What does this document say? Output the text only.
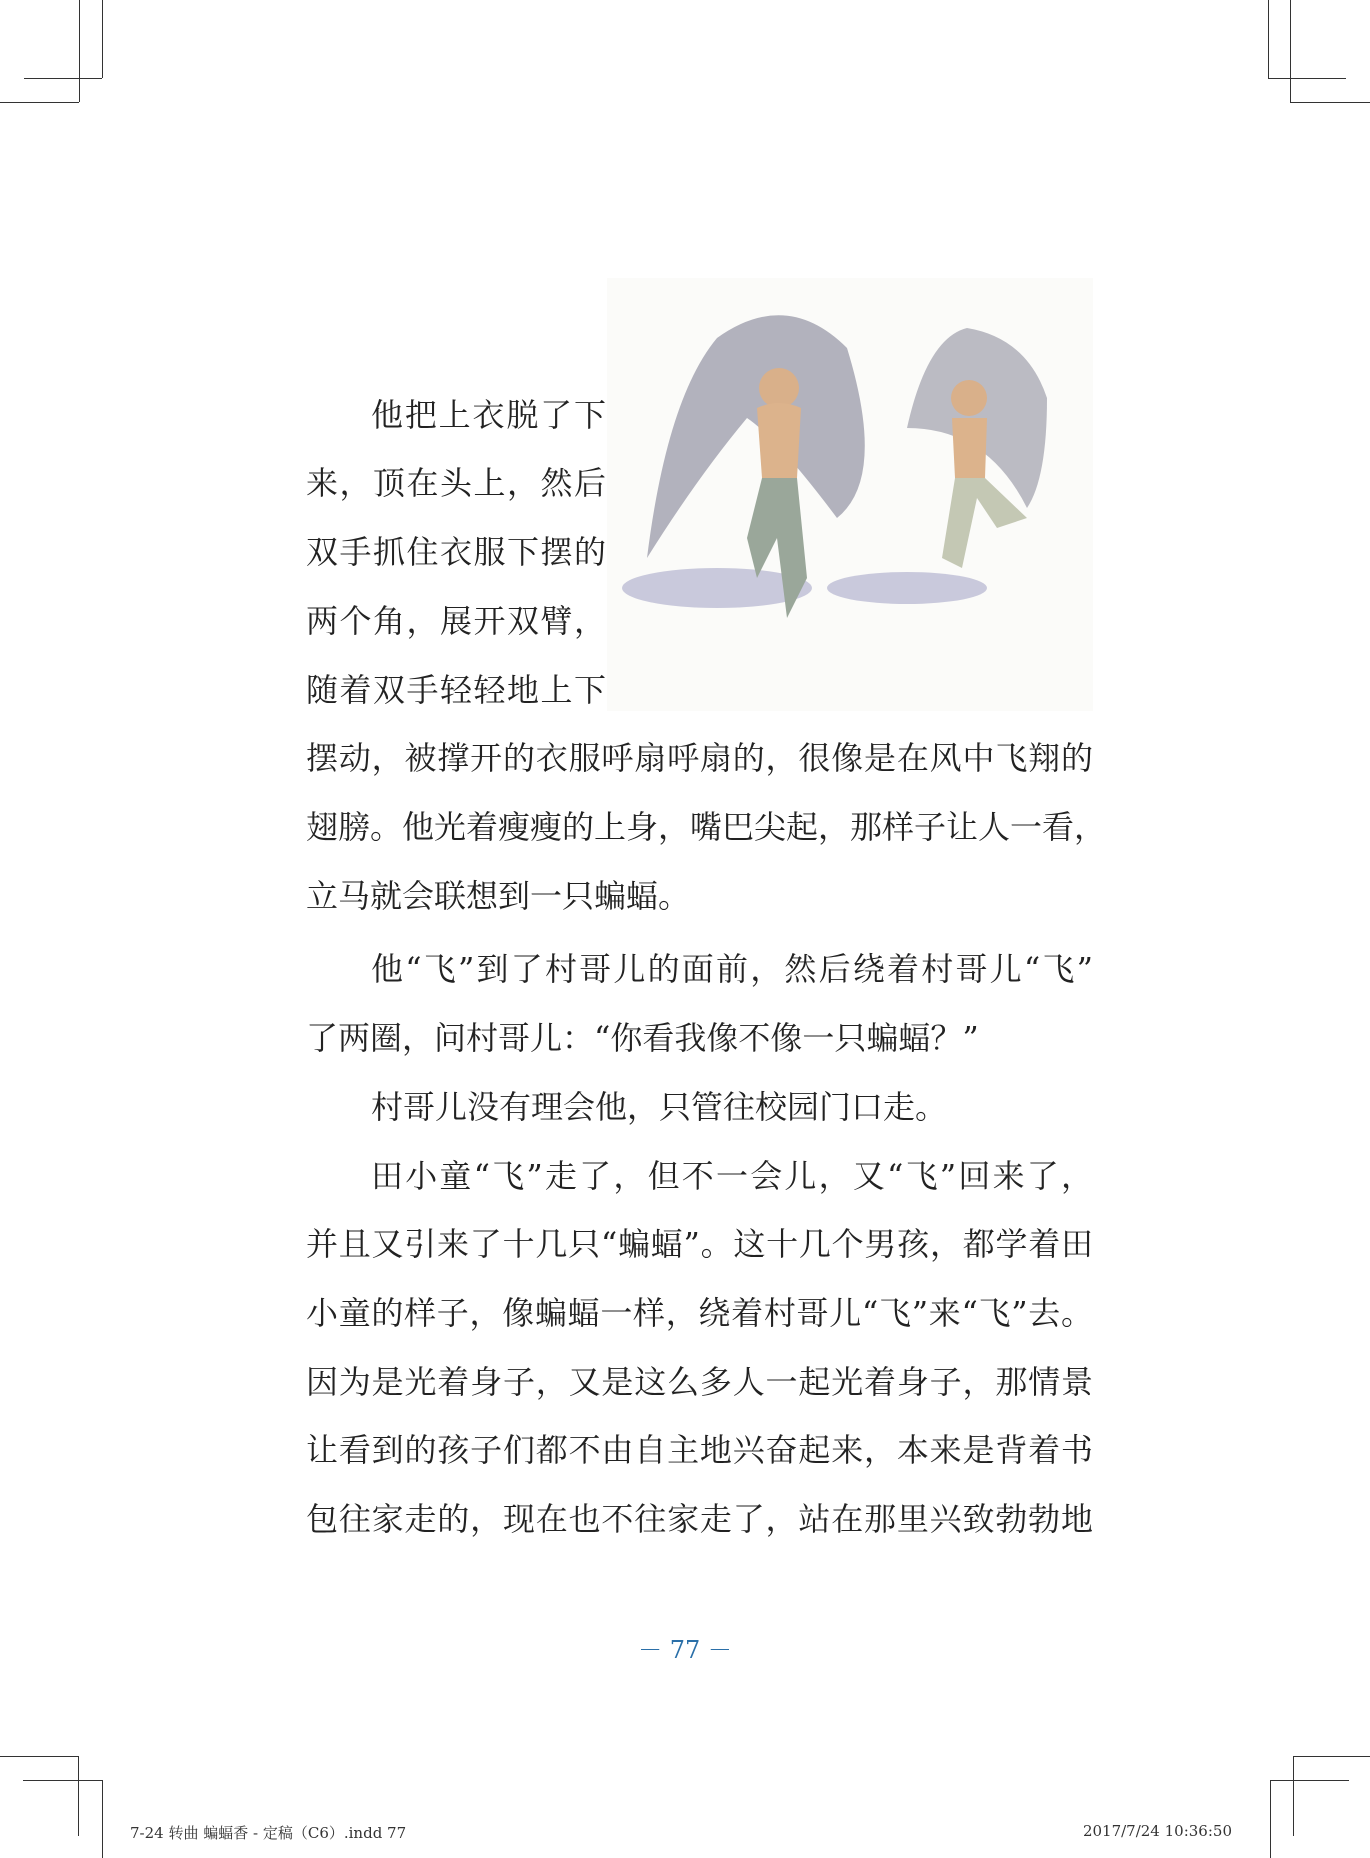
他把上衣脱了下
来，顶在头上，然后
双手抓住衣服下摆的
两个角，展开双臂，
随着双手轻轻地上下
摆动，被撑开的衣服呼扇呼扇的，很像是在风中飞翔的
翅膀。他光着瘦瘦的上身，嘴巴尖起，那样子让人一看，
立马就会联想到一只蝙蝠。
他“飞”到了村哥儿的面前，然后绕着村哥儿“飞”
了两圈，问村哥儿：“你看我像不像一只蝙蝠？”
村哥儿没有理会他，只管往校园门口走。
田小童“飞”走了，但不一会儿，又“飞”回来了，
并且又引来了十几只“蝙蝠”。这十几个男孩，都学着田
小童的样子，像蝙蝠一样，绕着村哥儿“飞”来“飞”去。
因为是光着身子，又是这么多人一起光着身子，那情景
让看到的孩子们都不由自主地兴奋起来，本来是背着书
包往家走的，现在也不往家走了，站在那里兴致勃勃地
－ 77 －
7-24 转曲 蝙蝠香 - 定稿（C6）.indd 77	2017/7/24 10:36:50
